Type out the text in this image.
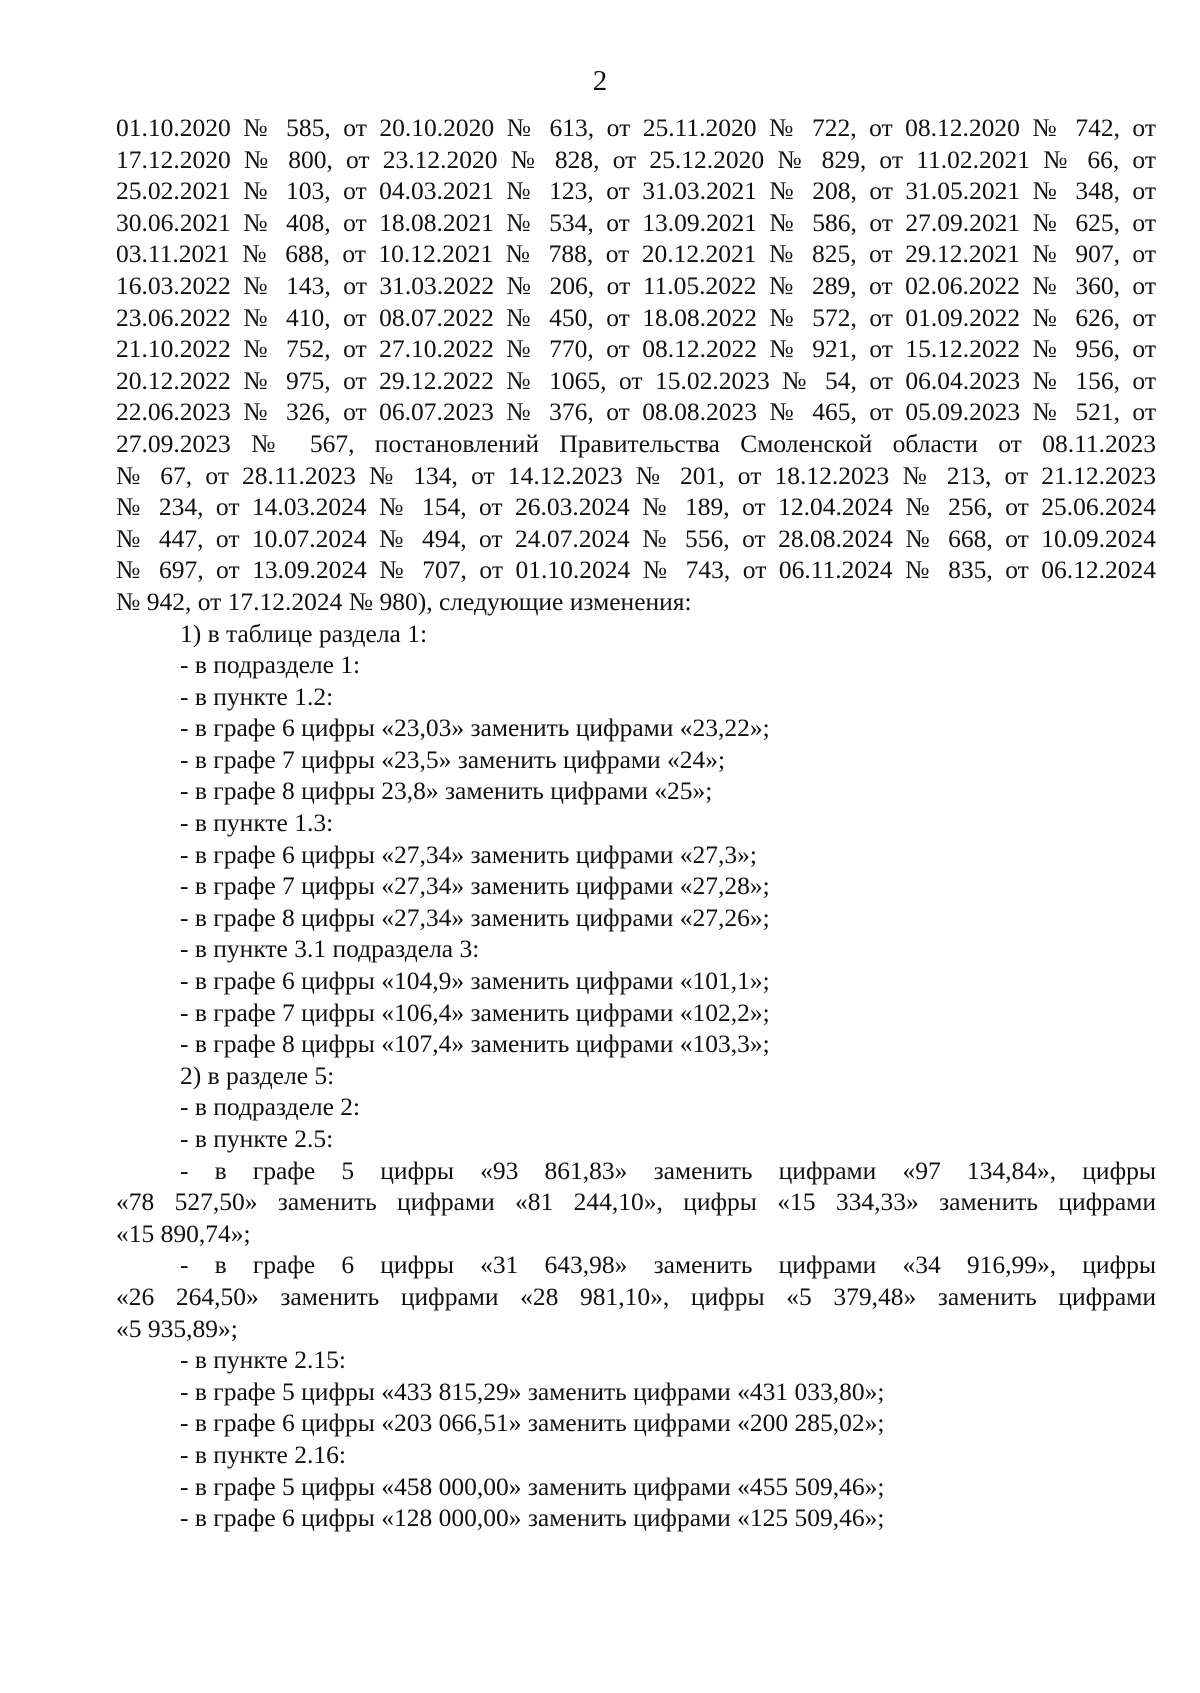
2
01.10.2020 № 585, от 20.10.2020 № 613, от 25.11.2020 № 722, от 08.12.2020 № 742, от
17.12.2020 № 800, от 23.12.2020 № 828, от 25.12.2020 № 829, от 11.02.2021 № 66, от
25.02.2021 № 103, от 04.03.2021 № 123, от 31.03.2021 № 208, от 31.05.2021 № 348, от
30.06.2021 № 408, от 18.08.2021 № 534, от 13.09.2021 № 586, от 27.09.2021 № 625, от
03.11.2021 № 688, от 10.12.2021 № 788, от 20.12.2021 № 825, от 29.12.2021 № 907, от
16.03.2022 № 143, от 31.03.2022 № 206, от 11.05.2022 № 289, от 02.06.2022 № 360, от
23.06.2022 № 410, от 08.07.2022 № 450, от 18.08.2022 № 572, от 01.09.2022 № 626, от
21.10.2022 № 752, от 27.10.2022 № 770, от 08.12.2022 № 921, от 15.12.2022 № 956, от
20.12.2022 № 975, от 29.12.2022 № 1065, от 15.02.2023 № 54, от 06.04.2023 № 156, от
22.06.2023 № 326, от 06.07.2023 № 376, от 08.08.2023 № 465, от 05.09.2023 № 521, от
27.09.2023 № 567, постановлений Правительства Смоленской области от 08.11.2023
№ 67, от 28.11.2023 № 134, от 14.12.2023 № 201, от 18.12.2023 № 213, от 21.12.2023
№ 234, от 14.03.2024 № 154, от 26.03.2024 № 189, от 12.04.2024 № 256, от 25.06.2024
№ 447, от 10.07.2024 № 494, от 24.07.2024 № 556, от 28.08.2024 № 668, от 10.09.2024
№ 697, от 13.09.2024 № 707, от 01.10.2024 № 743, от 06.11.2024 № 835, от 06.12.2024
№ 942, от 17.12.2024 № 980), следующие изменения:
1) в таблице раздела 1:
- в подразделе 1:
- в пункте 1.2:
- в графе 6 цифры «23,03» заменить цифрами «23,22»;
- в графе 7 цифры «23,5» заменить цифрами «24»;
- в графе 8 цифры 23,8» заменить цифрами «25»;
- в пункте 1.3:
- в графе 6 цифры «27,34» заменить цифрами «27,3»;
- в графе 7 цифры «27,34» заменить цифрами «27,28»;
- в графе 8 цифры «27,34» заменить цифрами «27,26»;
- в пункте 3.1 подраздела 3:
- в графе 6 цифры «104,9» заменить цифрами «101,1»;
- в графе 7 цифры «106,4» заменить цифрами «102,2»;
- в графе 8 цифры «107,4» заменить цифрами «103,3»;
2) в разделе 5:
- в подразделе 2:
- в пункте 2.5:
- в графе 5 цифры «93 861,83» заменить цифрами «97 134,84», цифры
«78 527,50» заменить цифрами «81 244,10», цифры «15 334,33» заменить цифрами
«15 890,74»;
- в графе 6 цифры «31 643,98» заменить цифрами «34 916,99», цифры
«26 264,50» заменить цифрами «28 981,10», цифры «5 379,48» заменить цифрами
«5 935,89»;
- в пункте 2.15:
- в графе 5 цифры «433 815,29» заменить цифрами «431 033,80»;
- в графе 6 цифры «203 066,51» заменить цифрами «200 285,02»;
- в пункте 2.16:
- в графе 5 цифры «458 000,00» заменить цифрами «455 509,46»;
- в графе 6 цифры «128 000,00» заменить цифрами «125 509,46»;
